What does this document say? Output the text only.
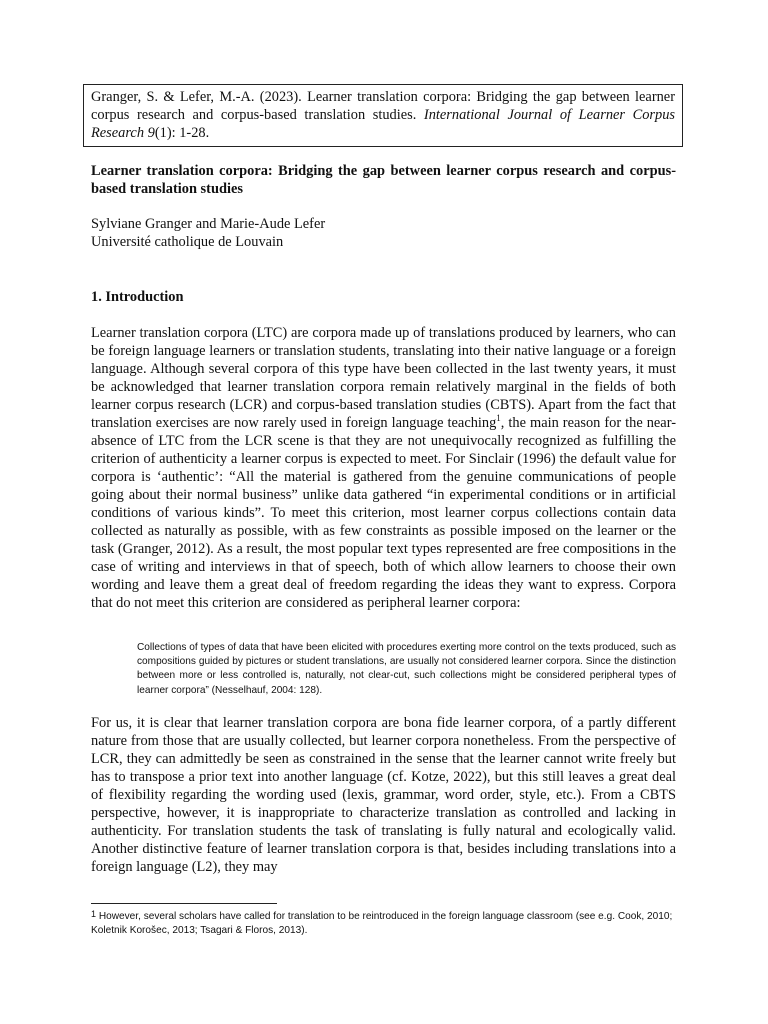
Granger, S. & Lefer, M.-A. (2023). Learner translation corpora: Bridging the gap between learner corpus research and corpus-based translation studies. International Journal of Learner Corpus Research 9(1): 1-28.
Learner translation corpora: Bridging the gap between learner corpus research and corpus-based translation studies
Sylviane Granger and Marie-Aude Lefer
Université catholique de Louvain
1. Introduction

Learner translation corpora (LTC) are corpora made up of translations produced by learners, who can be foreign language learners or translation students, translating into their native language or a foreign language. Although several corpora of this type have been collected in the last twenty years, it must be acknowledged that learner translation corpora remain relatively marginal in the fields of both learner corpus research (LCR) and corpus-based translation studies (CBTS). Apart from the fact that translation exercises are now rarely used in foreign language teaching$^1$, the main reason for the near-absence of LTC from the LCR scene is that they are not unequivocally recognized as fulfilling the criterion of authenticity a learner corpus is expected to meet. For Sinclair (1996) the default value for corpora is ‘authentic’: “All the material is gathered from the genuine communications of people going about their normal business” unlike data gathered “in experimental conditions or in artificial conditions of various kinds”. To meet this criterion, most learner corpus collections contain data collected as naturally as possible, with as few constraints as possible imposed on the learner or the task (Granger, 2012). As a result, the most popular text types represented are free compositions in the case of writing and interviews in that of speech, both of which allow learners to choose their own wording and leave them a great deal of freedom regarding the ideas they want to express. Corpora that do not meet this criterion are considered as peripheral learner corpora:

Collections of types of data that have been elicited with procedures exerting more control on the texts produced, such as compositions guided by pictures or student translations, are usually not considered learner corpora. Since the distinction between more or less controlled is, naturally, not clear-cut, such collections might be considered peripheral types of learner corpora” (Nesselhauf, 2004: 128).

For us, it is clear that learner translation corpora are bona fide learner corpora, of a partly different nature from those that are usually collected, but learner corpora nonetheless. From the perspective of LCR, they can admittedly be seen as constrained in the sense that the learner cannot write freely but has to transpose a prior text into another language (cf. Kotze, 2022), but this still leaves a great deal of flexibility regarding the wording used (lexis, grammar, word order, style, etc.). From a CBTS perspective, however, it is inappropriate to characterize translation as controlled and lacking in authenticity. For translation students the task of translating is fully natural and ecologically valid. Another distinctive feature of learner translation corpora is that, besides including translations into a foreign language (L2), they may

1 However, several scholars have called for translation to be reintroduced in the foreign language classroom (see e.g. Cook, 2010; Koletnik Korošec, 2013; Tsagari & Floros, 2013).
